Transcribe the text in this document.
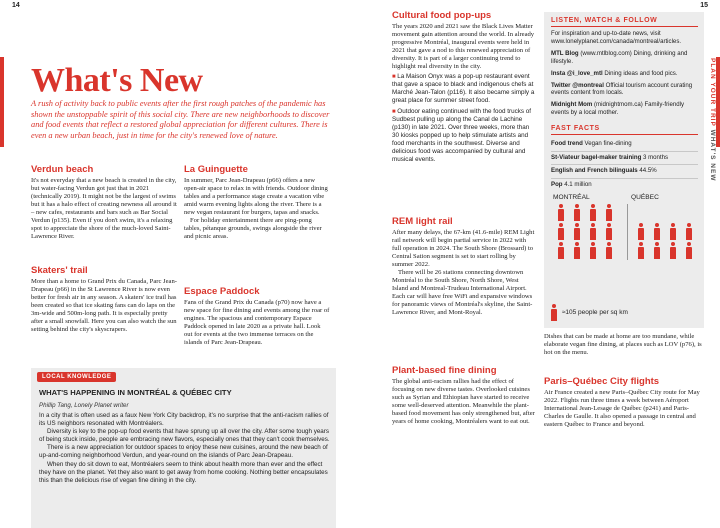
14	15
PLAN YOUR TRIP WHAT'S NEW
What's New
A rush of activity back to public events after the first rough patches of the pandemic has shown the unstoppable spirit of this social city. There are new neighborhoods to discover and food events that reflect a restored global appreciation for different cultures. There is even a new urban beach, just in time for the city's renewed love of nature.
Verdun beach

It's not everyday that a new beach is created in the city, but water-facing Verdun got just that in 2021 (technically 2019). It might not be the largest of swims but it has a halo effect of creating newness all around it – new cafes, restaurants and bars such as Bar Social Verdun (p135). Even if you don't swim, it's a relaxing spot to appreciate the shore of the much-loved Saint-Lawrence River.

Skaters' trail

More than a home to Grand Prix du Canada, Parc Jean-Drapeau (p66) in the St Lawrence River is now even better for fresh air in any season. A skaters' ice trail has been created so that ice skating fans can do laps on the 3m-wide and 500m-long path. It is especially pretty after a small snowfall. Here you can also watch the sun setting behind the city's skyscrapers.

La Guinguette

In summer, Parc Jean-Drapeau (p66) offers a new open-air space to relax in with friends. Outdoor dining tables and a performance stage create a vacation vibe amid warm evening lights along the river. There is a new vegan restaurant for burgers, tapas and snacks.

For holiday entertainment there are ping-pong tables, pétanque grounds, swings alongside the river and picnic areas.

Espace Paddock

Fans of the Grand Prix du Canada (p70) now have a new space for fine dining and events among the roar of engines. The spacious and contemporary Espace Paddock opened in late 2020 as a private hall. Look out for events at the two immense terraces on the islands of Parc Jean-Drapeau.

LOCAL KNOWLEDGE
WHAT'S HAPPENING IN MONTRÉAL & QUÉBEC CITY
Phillip Tang, Lonely Planet writer

In a city that is often used as a faux New York City backdrop, it's no surprise that the anti-racism rallies of its US neighbors resonated with Montréalers.

Diversity is key to the pop-up food events that have sprung up all over the city. After some tough years of being stuck inside, people are embracing new flavors, especially ones that they can't cook themselves.

There is a new appreciation for outdoor spaces to enjoy these new cuisines, around the new beach of up-and-coming neighborhood Verdun, and year-round on the islands of Parc Jean-Drapeau.

When they do sit down to eat, Montréalers seem to think about health more than ever and the effect they have on the planet. Yet they also want to get away from home cooking. Nothing better encapsulates this than the delicious rise of vegan fine dining in the city.

Cultural food pop-ups

The years 2020 and 2021 saw the Black Lives Matter movement gain attention around the world. In already progressive Montréal, inaugural events were held in 2021 that gave a nod to this renewed appreciation of diversity. It is part of a larger continuing trend to highlight real diversity in the city.

■ La Maison Onyx was a pop-up restaurant event that gave a space to black and indigenous chefs at Marché Jean-Talon (p116). It also became simply a great place for summer street food.

■ Outdoor eating continued with the food trucks of Sudbest pulling up along the Canal de Lachine (p130) in late 2021. Over three weeks, more than 30 kiosks popped up to help stimulate artists and food merchants in the southwest. Diverse and delicious food was accompanied by cultural and musical events.

REM light rail

After many delays, the 67-km (41.6-mile) REM Light rail network will begin partial service in 2022 with full operation in 2024. The South Shore (Brossard) to Central Sation segment is set to start rolling by summer 2022.

There will be 26 stations connecting downtown Montréal to the South Shore, North Shore, West Island and Montreal-Trudeau International Airport. Each car will have free WiFi and expansive windows for panoramic views of Montréal's skyline, the Saint-Lawrence River, and Mont-Royal.

Plant-based fine dining

The global anti-racism rallies had the effect of focusing on new diverse tastes. Overlooked cuisines such as Syrian and Ethiopian have started to receive some well-deserved attention. Meanwhile the plant-based food movement has only strengthened but, after years of home cooking, Montréalers want to eat out.

LISTEN, WATCH & FOLLOW

For inspiration and up-to-date news, visit www.lonelyplanet.com/canada/montreal/articles.

MTL Blog (www.mtlblog.com) Dining, drinking and lifestyle.

Insta @i_love_mtl Dining ideas and food pics.

Twitter @montreal Official tourism account curating events content from locals.

Midnight Mom (midnightmom.ca) Family-friendly events by a local mother.

FAST FACTS
Food trend Vegan fine-dining
St-Viateur bagel-maker training 3 months
English and French bilinguals 44.5%
Pop 4.1 million
MONTRÉAL	QUÉBEC
≈105 people per sq km

Dishes that can be made at home are too mundane, while elaborate vegan fine dining, at places such as LOV (p76), is hot on the menu.

Paris–Québec City flights

Air France created a new Paris–Québec City route for May 2022. Flights run three times a week between Aéroport International Jean-Lesage de Québec (p241) and Paris-Charles de Gaulle. It also opened a passage in central and eastern Québec to France and beyond.
